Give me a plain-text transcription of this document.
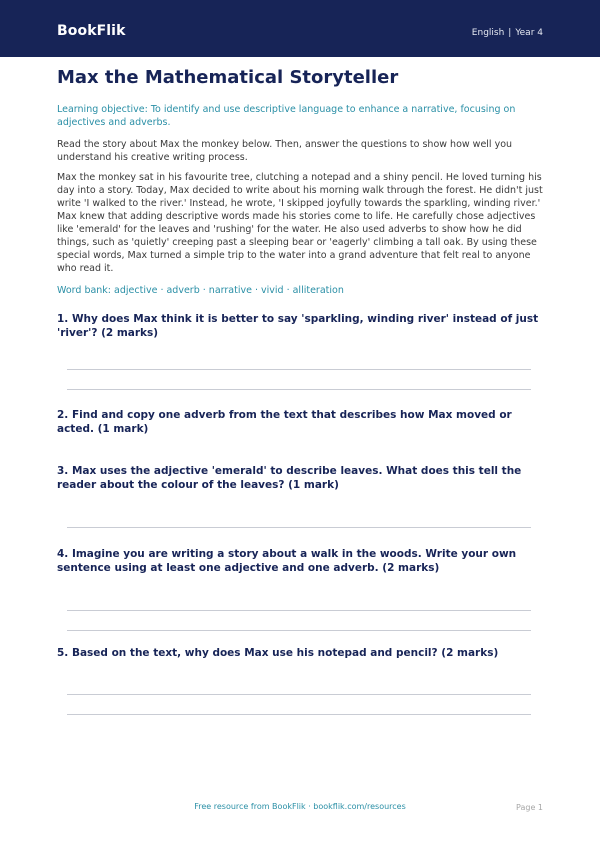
BookFlik	English | Year 4
Max the Mathematical Storyteller

Learning objective: To identify and use descriptive language to enhance a narrative, focusing on adjectives and adverbs.

Read the story about Max the monkey below. Then, answer the questions to show how well you understand his creative writing process.

Max the monkey sat in his favourite tree, clutching a notepad and a shiny pencil. He loved turning his day into a story. Today, Max decided to write about his morning walk through the forest. He didn't just write 'I walked to the river.' Instead, he wrote, 'I skipped joyfully towards the sparkling, winding river.' Max knew that adding descriptive words made his stories come to life. He carefully chose adjectives like 'emerald' for the leaves and 'rushing' for the water. He also used adverbs to show how he did things, such as 'quietly' creeping past a sleeping bear or 'eagerly' climbing a tall oak. By using these special words, Max turned a simple trip to the water into a grand adventure that felt real to anyone who read it.

Word bank: adjective · adverb · narrative · vivid · alliteration

1. Why does Max think it is better to say 'sparkling, winding river' instead of just 'river'? (2 marks)

2. Find and copy one adverb from the text that describes how Max moved or acted. (1 mark)

3. Max uses the adjective 'emerald' to describe leaves. What does this tell the reader about the colour of the leaves? (1 mark)

4. Imagine you are writing a story about a walk in the woods. Write your own sentence using at least one adjective and one adverb. (2 marks)

5. Based on the text, why does Max use his notepad and pencil? (2 marks)

Free resource from BookFlik · bookflik.com/resources	Page 1
